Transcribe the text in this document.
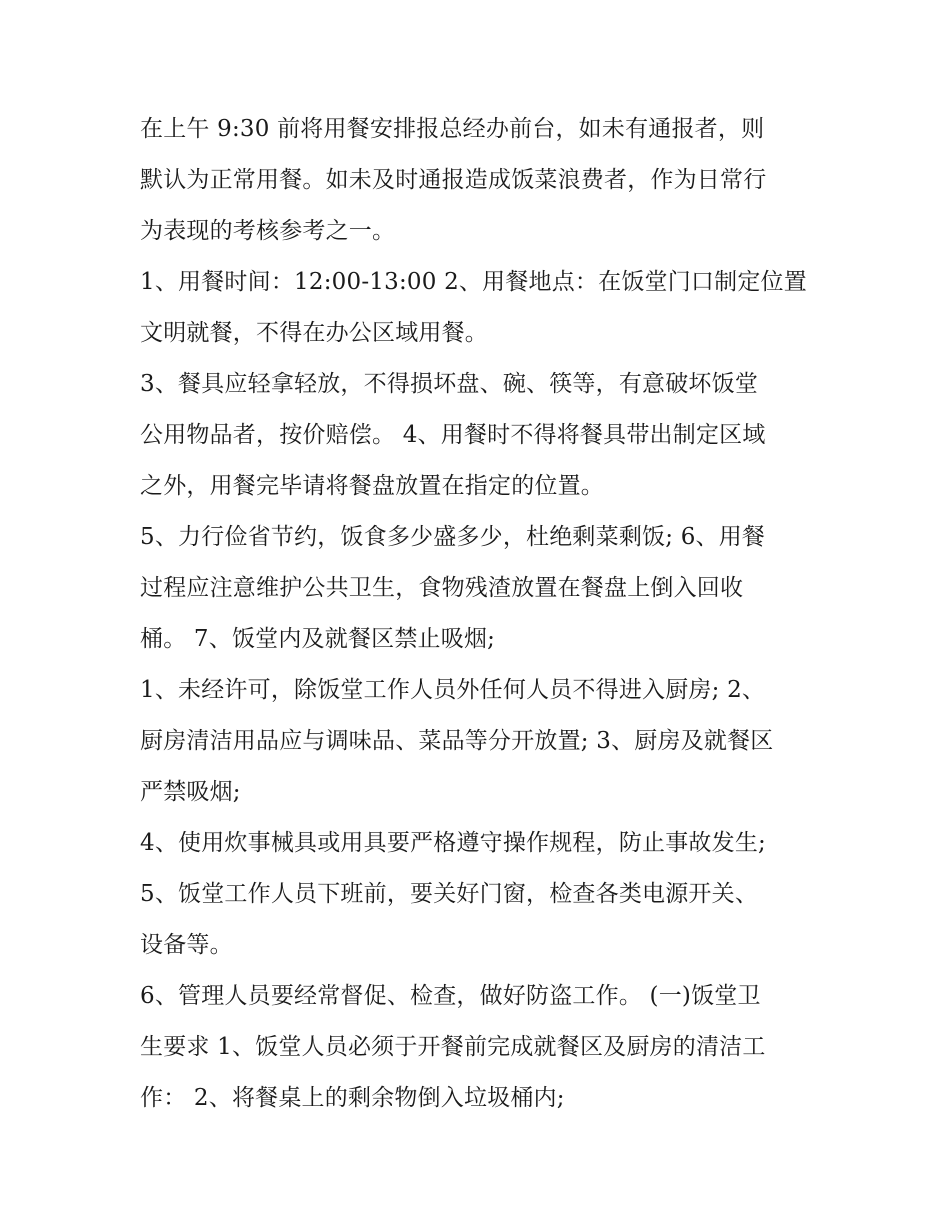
在上午 9:30 前将用餐安排报总经办前台，如未有通报者，则
默认为正常用餐。如未及时通报造成饭菜浪费者，作为日常行
为表现的考核参考之一。
1、用餐时间：12:00-13:00 2、用餐地点：在饭堂门口制定位置
文明就餐，不得在办公区域用餐。
3、餐具应轻拿轻放，不得损坏盘、碗、筷等，有意破坏饭堂
公用物品者，按价赔偿。 4、用餐时不得将餐具带出制定区域
之外，用餐完毕请将餐盘放置在指定的位置。
5、力行俭省节约，饭食多少盛多少，杜绝剩菜剩饭; 6、用餐
过程应注意维护公共卫生，食物残渣放置在餐盘上倒入回收
桶。 7、饭堂内及就餐区禁止吸烟;
1、未经许可，除饭堂工作人员外任何人员不得进入厨房; 2、
厨房清洁用品应与调味品、菜品等分开放置; 3、厨房及就餐区
严禁吸烟;
4、使用炊事械具或用具要严格遵守操作规程，防止事故发生;
5、饭堂工作人员下班前，要关好门窗，检查各类电源开关、
设备等。
6、管理人员要经常督促、检查，做好防盗工作。 (一)饭堂卫
生要求 1、饭堂人员必须于开餐前完成就餐区及厨房的清洁工
作： 2、将餐桌上的剩余物倒入垃圾桶内;
